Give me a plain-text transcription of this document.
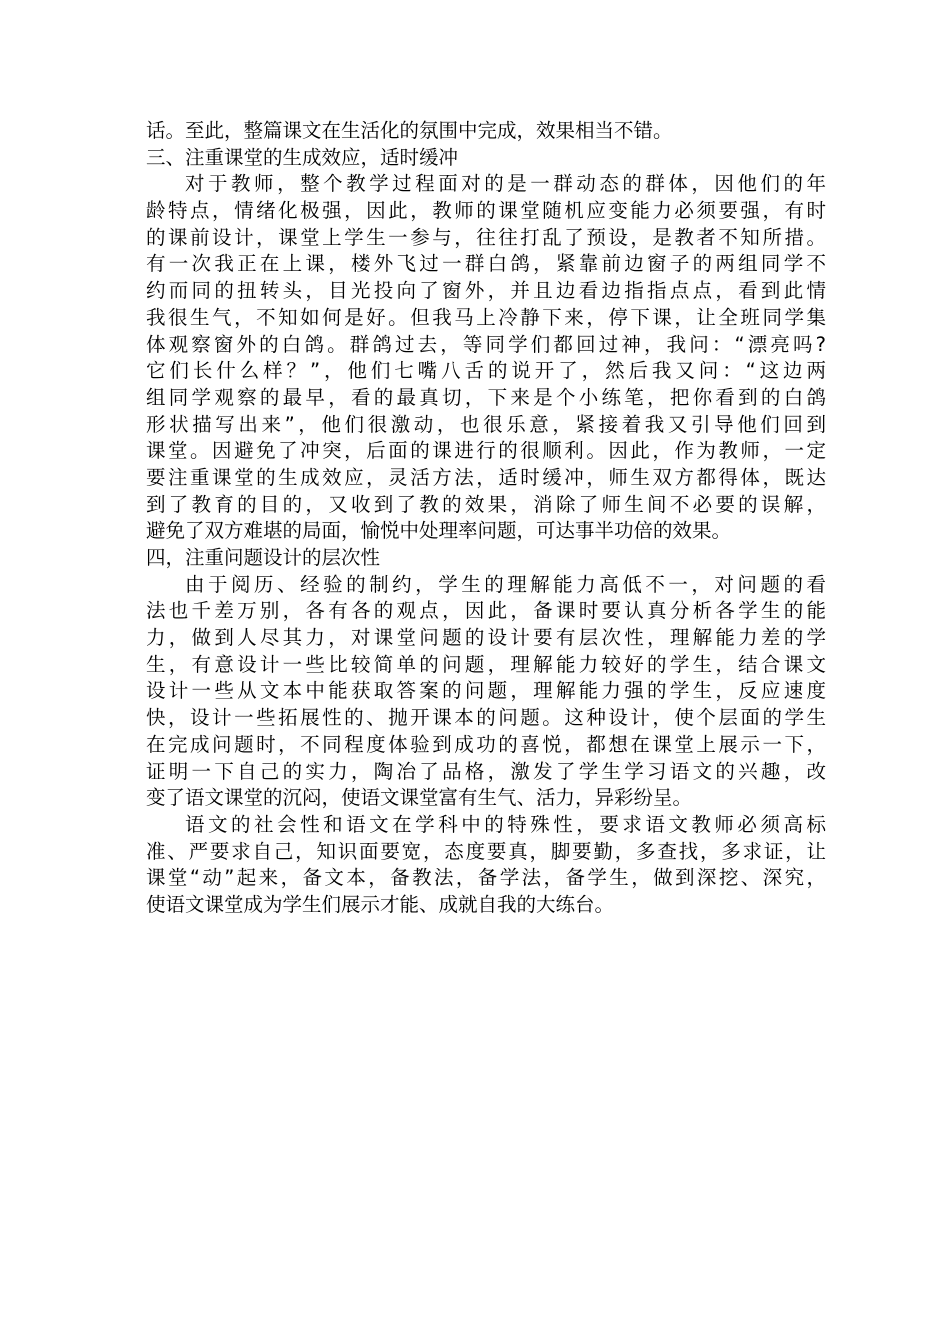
话。至此，整篇课文在生活化的氛围中完成，效果相当不错。
三、注重课堂的生成效应，适时缓冲
对于教师，整个教学过程面对的是一群动态的群体，因他们的年
龄特点，情绪化极强，因此，教师的课堂随机应变能力必须要强，有时
的课前设计，课堂上学生一参与，往往打乱了预设，是教者不知所措。
有一次我正在上课，楼外飞过一群白鸽，紧靠前边窗子的两组同学不
约而同的扭转头，目光投向了窗外，并且边看边指指点点，看到此情
我很生气，不知如何是好。但我马上冷静下来，停下课，让全班同学集
体观察窗外的白鸽。群鸽过去，等同学们都回过神，我问：“漂亮吗?
它们长什么样？”，他们七嘴八舌的说开了，然后我又问：“这边两
组同学观察的最早，看的最真切，下来是个小练笔，把你看到的白鸽
形状描写出来”，他们很激动，也很乐意，紧接着我又引导他们回到
课堂。因避免了冲突，后面的课进行的很顺利。因此，作为教师，一定
要注重课堂的生成效应，灵活方法，适时缓冲，师生双方都得体，既达
到了教育的目的，又收到了教的效果，消除了师生间不必要的误解，
避免了双方难堪的局面，愉悦中处理率问题，可达事半功倍的效果。
四，注重问题设计的层次性
由于阅历、经验的制约，学生的理解能力高低不一，对问题的看
法也千差万别，各有各的观点，因此，备课时要认真分析各学生的能
力，做到人尽其力，对课堂问题的设计要有层次性，理解能力差的学
生，有意设计一些比较简单的问题，理解能力较好的学生，结合课文
设计一些从文本中能获取答案的问题，理解能力强的学生，反应速度
快，设计一些拓展性的、抛开课本的问题。这种设计，使个层面的学生
在完成问题时，不同程度体验到成功的喜悦，都想在课堂上展示一下，
证明一下自己的实力，陶冶了品格，激发了学生学习语文的兴趣，改
变了语文课堂的沉闷，使语文课堂富有生气、活力，异彩纷呈。
语文的社会性和语文在学科中的特殊性，要求语文教师必须高标
准、严要求自己，知识面要宽，态度要真，脚要勤，多查找，多求证，让
课堂“动”起来，备文本，备教法，备学法，备学生，做到深挖、深究，
使语文课堂成为学生们展示才能、成就自我的大练台。
